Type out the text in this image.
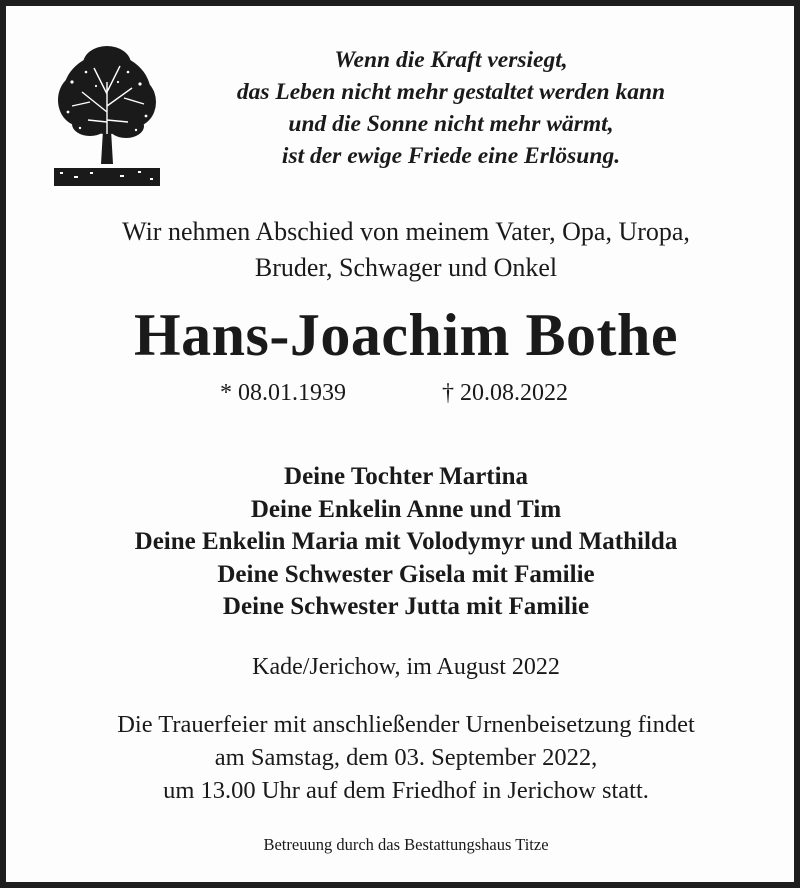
Wenn die Kraft versiegt,
das Leben nicht mehr gestaltet werden kann
und die Sonne nicht mehr wärmt,
ist der ewige Friede eine Erlösung.
Wir nehmen Abschied von meinem Vater, Opa, Uropa,
Bruder, Schwager und Onkel
Hans-Joachim Bothe
* 08.01.1939	† 20.08.2022
Deine Tochter Martina
Deine Enkelin Anne und Tim
Deine Enkelin Maria mit Volodymyr und Mathilda
Deine Schwester Gisela mit Familie
Deine Schwester Jutta mit Familie
Kade/Jerichow, im August 2022
Die Trauerfeier mit anschließender Urnenbeisetzung findet
am Samstag, dem 03. September 2022,
um 13.00 Uhr auf dem Friedhof in Jerichow statt.
Betreuung durch das Bestattungshaus Titze
